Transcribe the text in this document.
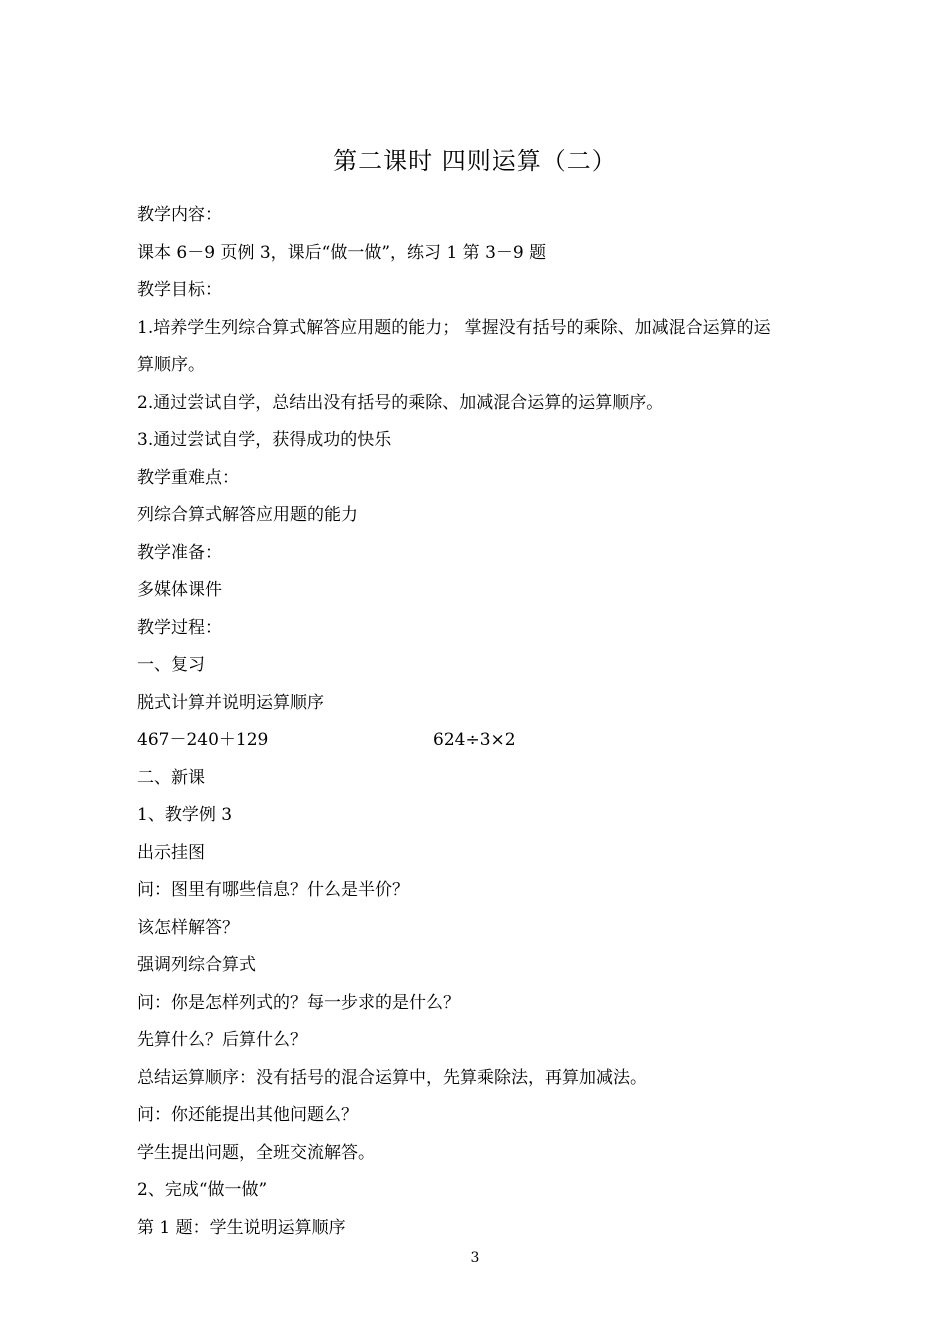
第二课时 四则运算（二）
教学内容：
课本 6－9 页例 3，课后“做一做”，练习 1 第 3－9 题
教学目标：
1.培养学生列综合算式解答应用题的能力； 掌握没有括号的乘除、加减混合运算的运
算顺序。
2.通过尝试自学，总结出没有括号的乘除、加减混合运算的运算顺序。
3.通过尝试自学，获得成功的快乐
教学重难点：
列综合算式解答应用题的能力
教学准备：
多媒体课件
教学过程：
一、复习
脱式计算并说明运算顺序
467－240＋129	624÷3×2
二、新课
1、教学例 3
出示挂图
问：图里有哪些信息？什么是半价？
该怎样解答？
强调列综合算式
问：你是怎样列式的？每一步求的是什么？
先算什么？后算什么？
总结运算顺序：没有括号的混合运算中，先算乘除法，再算加减法。
问：你还能提出其他问题么？
学生提出问题，全班交流解答。
2、完成“做一做”
第 1 题：学生说明运算顺序
3
